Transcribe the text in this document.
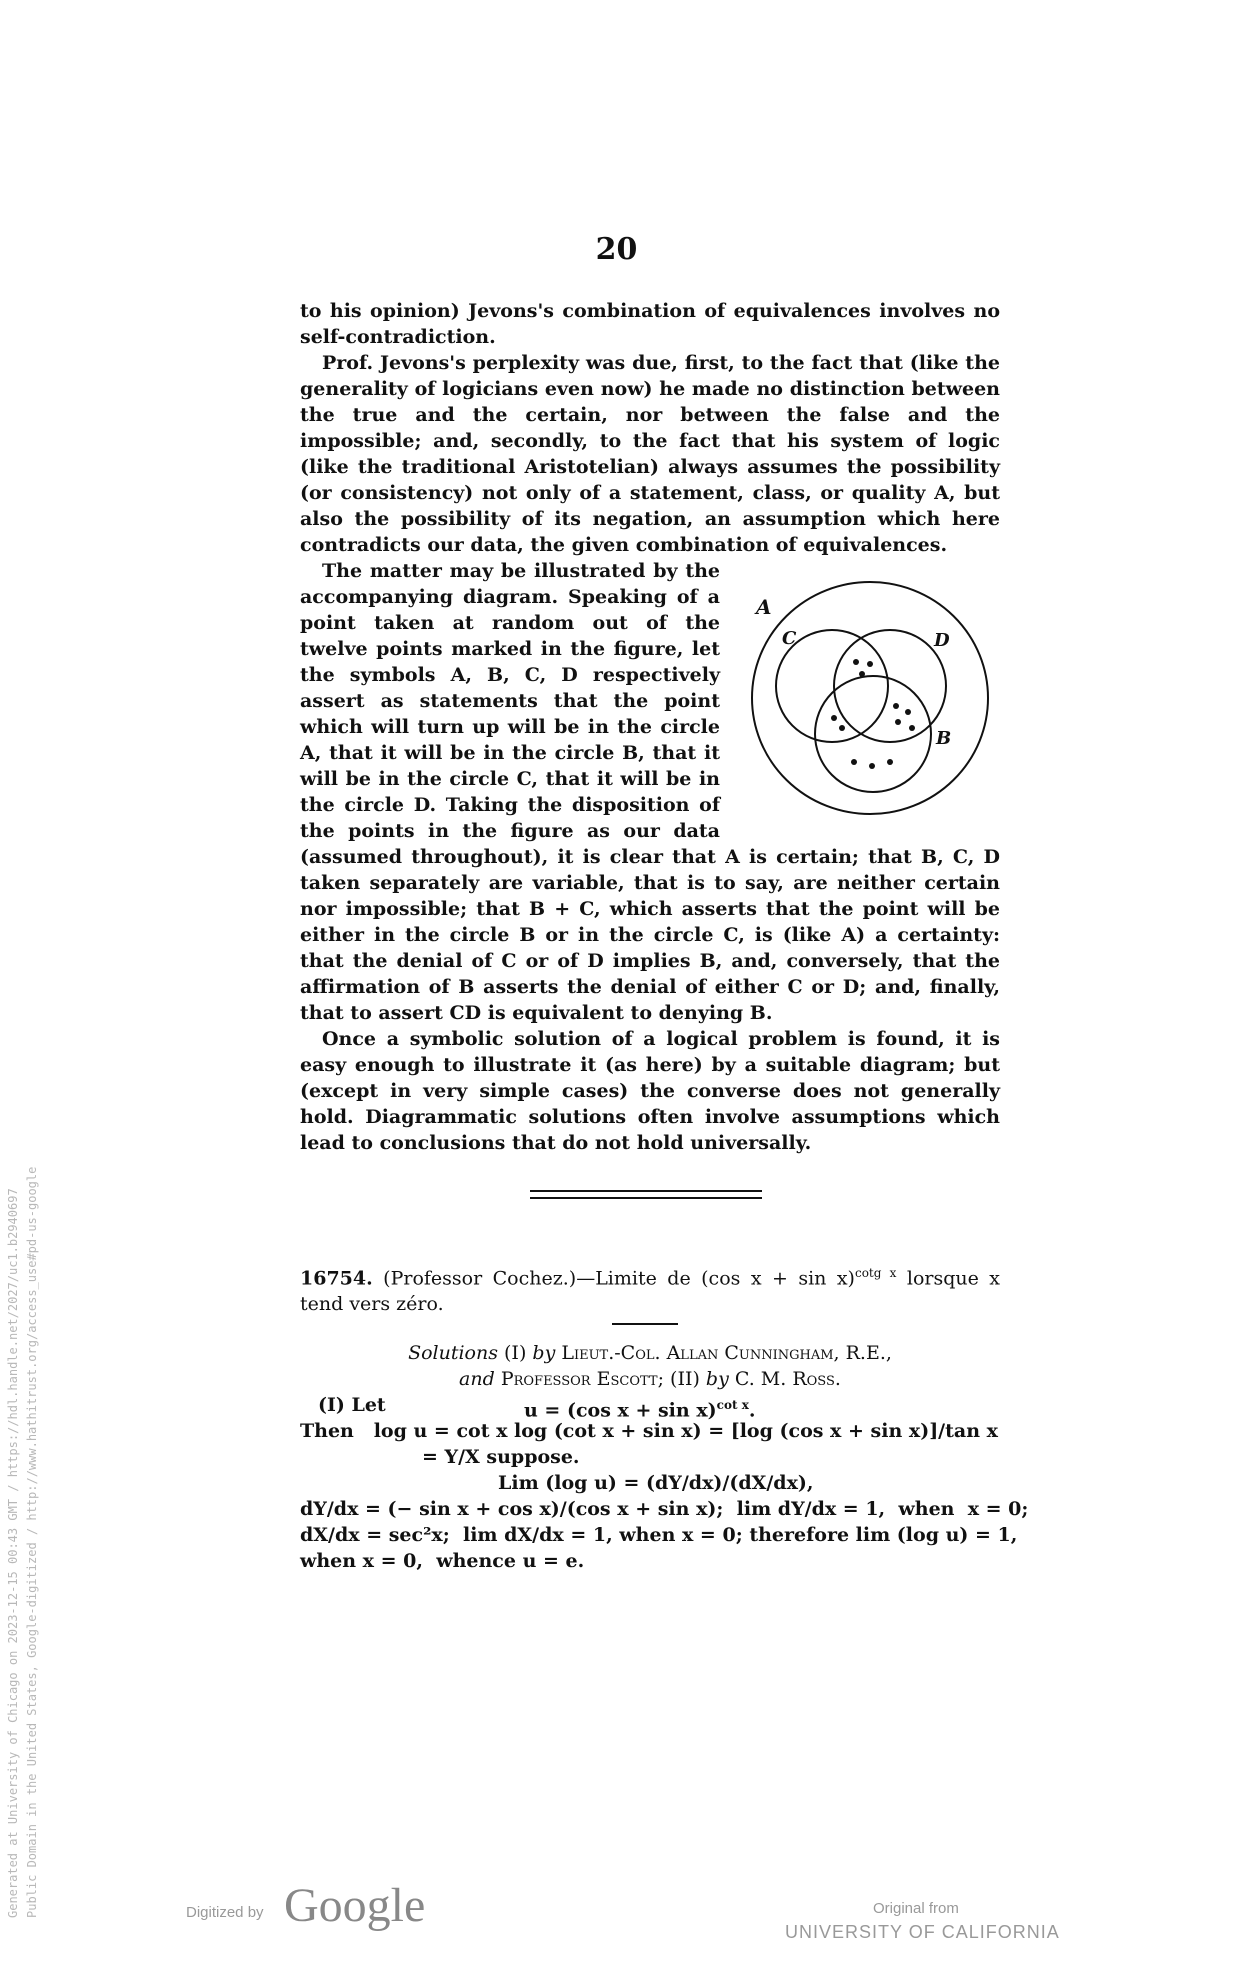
20

to his opinion) Jevons's combination of equivalences involves no self-contradiction.

Prof. Jevons's perplexity was due, first, to the fact that (like the generality of logicians even now) he made no distinction between the true and the certain, nor between the false and the impossible; and, secondly, to the fact that his system of logic (like the traditional Aristotelian) always assumes the possibility (or consistency) not only of a statement, class, or quality A, but also the possibility of its negation, an assumption which here contradicts our data, the given combination of equivalences.

A
C	D
B

The matter may be illustrated by the accompanying diagram. Speaking of a point taken at random out of the twelve points marked in the figure, let the symbols A, B, C, D respectively assert as statements that the point which will turn up will be in the circle A, that it will be in the circle B, that it will be in the circle C, that it will be in the circle D. Taking the disposition of the points in the figure as our data (assumed throughout), it is clear that A is certain; that B, C, D taken separately are variable, that is to say, are neither certain nor impossible; that B + C, which asserts that the point will be either in the circle B or in the circle C, is (like A) a certainty: that the denial of C or of D implies B, and, conversely, that the affirmation of B asserts the denial of either C or D; and, finally, that to assert CD is equivalent to denying B.

Once a symbolic solution of a logical problem is found, it is easy enough to illustrate it (as here) by a suitable diagram; but (except in very simple cases) the converse does not generally hold. Diagrammatic solutions often involve assumptions which lead to conclusions that do not hold universally.

16754. (Professor Cochez.)—Limite de (cos x + sin x)$^{cotg x}$ lorsque x tend vers zéro.
Solutions (I) by Lieut.-Col. Allan Cunningham, R.E.,
and Professor Escott; (II) by C. M. Ross.
(I) Let	u = (cos x + sin x)$^{cot x}$.
Then   log u = cot x log (cot x + sin x) = [log (cos x + sin x)]/tan x
= Y/X suppose.
Lim (log u) = (dY/dx)/(dX/dx),
dY/dx = (− sin x + cos x)/(cos x + sin x);  lim dY/dx = 1,  when  x = 0;
dX/dx = sec²x;  lim dX/dx = 1, when x = 0; therefore lim (log u) = 1,
when x = 0,  whence u = e.
Generated at University of Chicago on 2023-12-15 00:43 GMT / https://hdl.handle.net/2027/uc1.b2940697 Public Domain in the United States, Google-digitized / http://www.hathitrust.org/access_use#pd-us-google	Digitized by Google	Original from
UNIVERSITY OF CALIFORNIA
